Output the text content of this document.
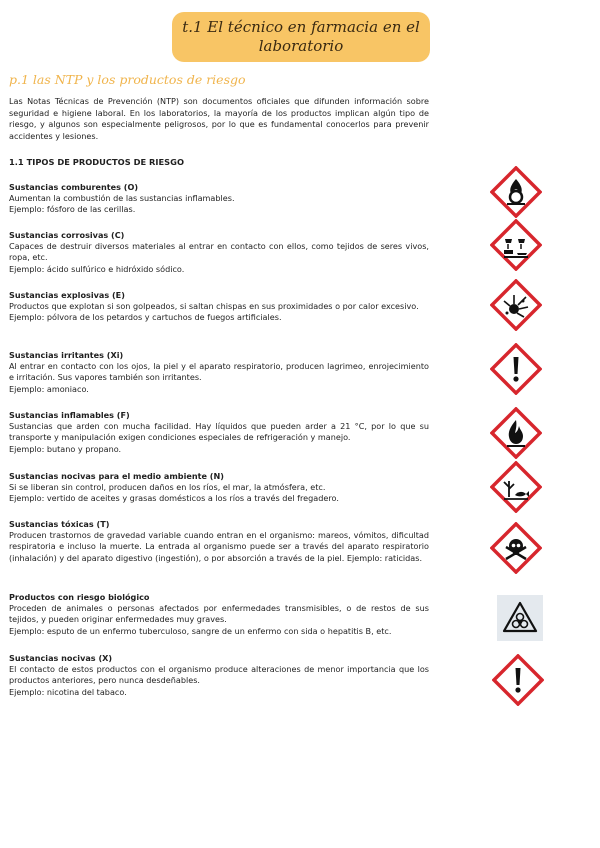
t.1 El técnico en farmacia en el
laboratorio
p.1 las NTP y los productos de riesgo
Las Notas Técnicas de Prevención (NTP) son documentos oficiales que difunden información sobre seguridad e higiene laboral. En los laboratorios, la mayoría de los productos implican algún tipo de riesgo, y algunos son especialmente peligrosos, por lo que es fundamental conocerlos para prevenir accidentes y lesiones.
1.1 TIPOS DE PRODUCTOS DE RIESGO
Sustancias comburentes (O)
Aumentan la combustión de las sustancias inflamables.
Ejemplo: fósforo de las cerillas.
Sustancias corrosivas (C)
Capaces de destruir diversos materiales al entrar en contacto con ellos, como tejidos de seres vivos, ropa, etc.
Ejemplo: ácido sulfúrico e hidróxido sódico.
Sustancias explosivas (E)
Productos que explotan si son golpeados, si saltan chispas en sus proximidades o por calor excesivo.
Ejemplo: pólvora de los petardos y cartuchos de fuegos artificiales.
Sustancias irritantes (Xi)
Al entrar en contacto con los ojos, la piel y el aparato respiratorio, producen lagrimeo, enrojecimiento e irritación. Sus vapores también son irritantes.
Ejemplo: amoniaco.
Sustancias inflamables (F)
Sustancias que arden con mucha facilidad. Hay líquidos que pueden arder a 21 °C, por lo que su transporte y manipulación exigen condiciones especiales de refrigeración y manejo.
Ejemplo: butano y propano.
Sustancias nocivas para el medio ambiente (N)
Si se liberan sin control, producen daños en los ríos, el mar, la atmósfera, etc.
Ejemplo: vertido de aceites y grasas domésticos a los ríos a través del fregadero.
Sustancias tóxicas (T)
Producen trastornos de gravedad variable cuando entran en el organismo: mareos, vómitos, dificultad respiratoria e incluso la muerte. La entrada al organismo puede ser a través del aparato respiratorio (inhalación) y del aparato digestivo (ingestión), o por absorción a través de la piel. Ejemplo: raticidas.
Productos con riesgo biológico
Proceden de animales o personas afectados por enfermedades transmisibles, o de restos de sus tejidos, y pueden originar enfermedades muy graves.
Ejemplo: esputo de un enfermo tuberculoso, sangre de un enfermo con sida o hepatitis B, etc.
Sustancias nocivas (X)
El contacto de estos productos con el organismo produce alteraciones de menor importancia que los productos anteriores, pero nunca desdeñables.
Ejemplo: nicotina del tabaco.
